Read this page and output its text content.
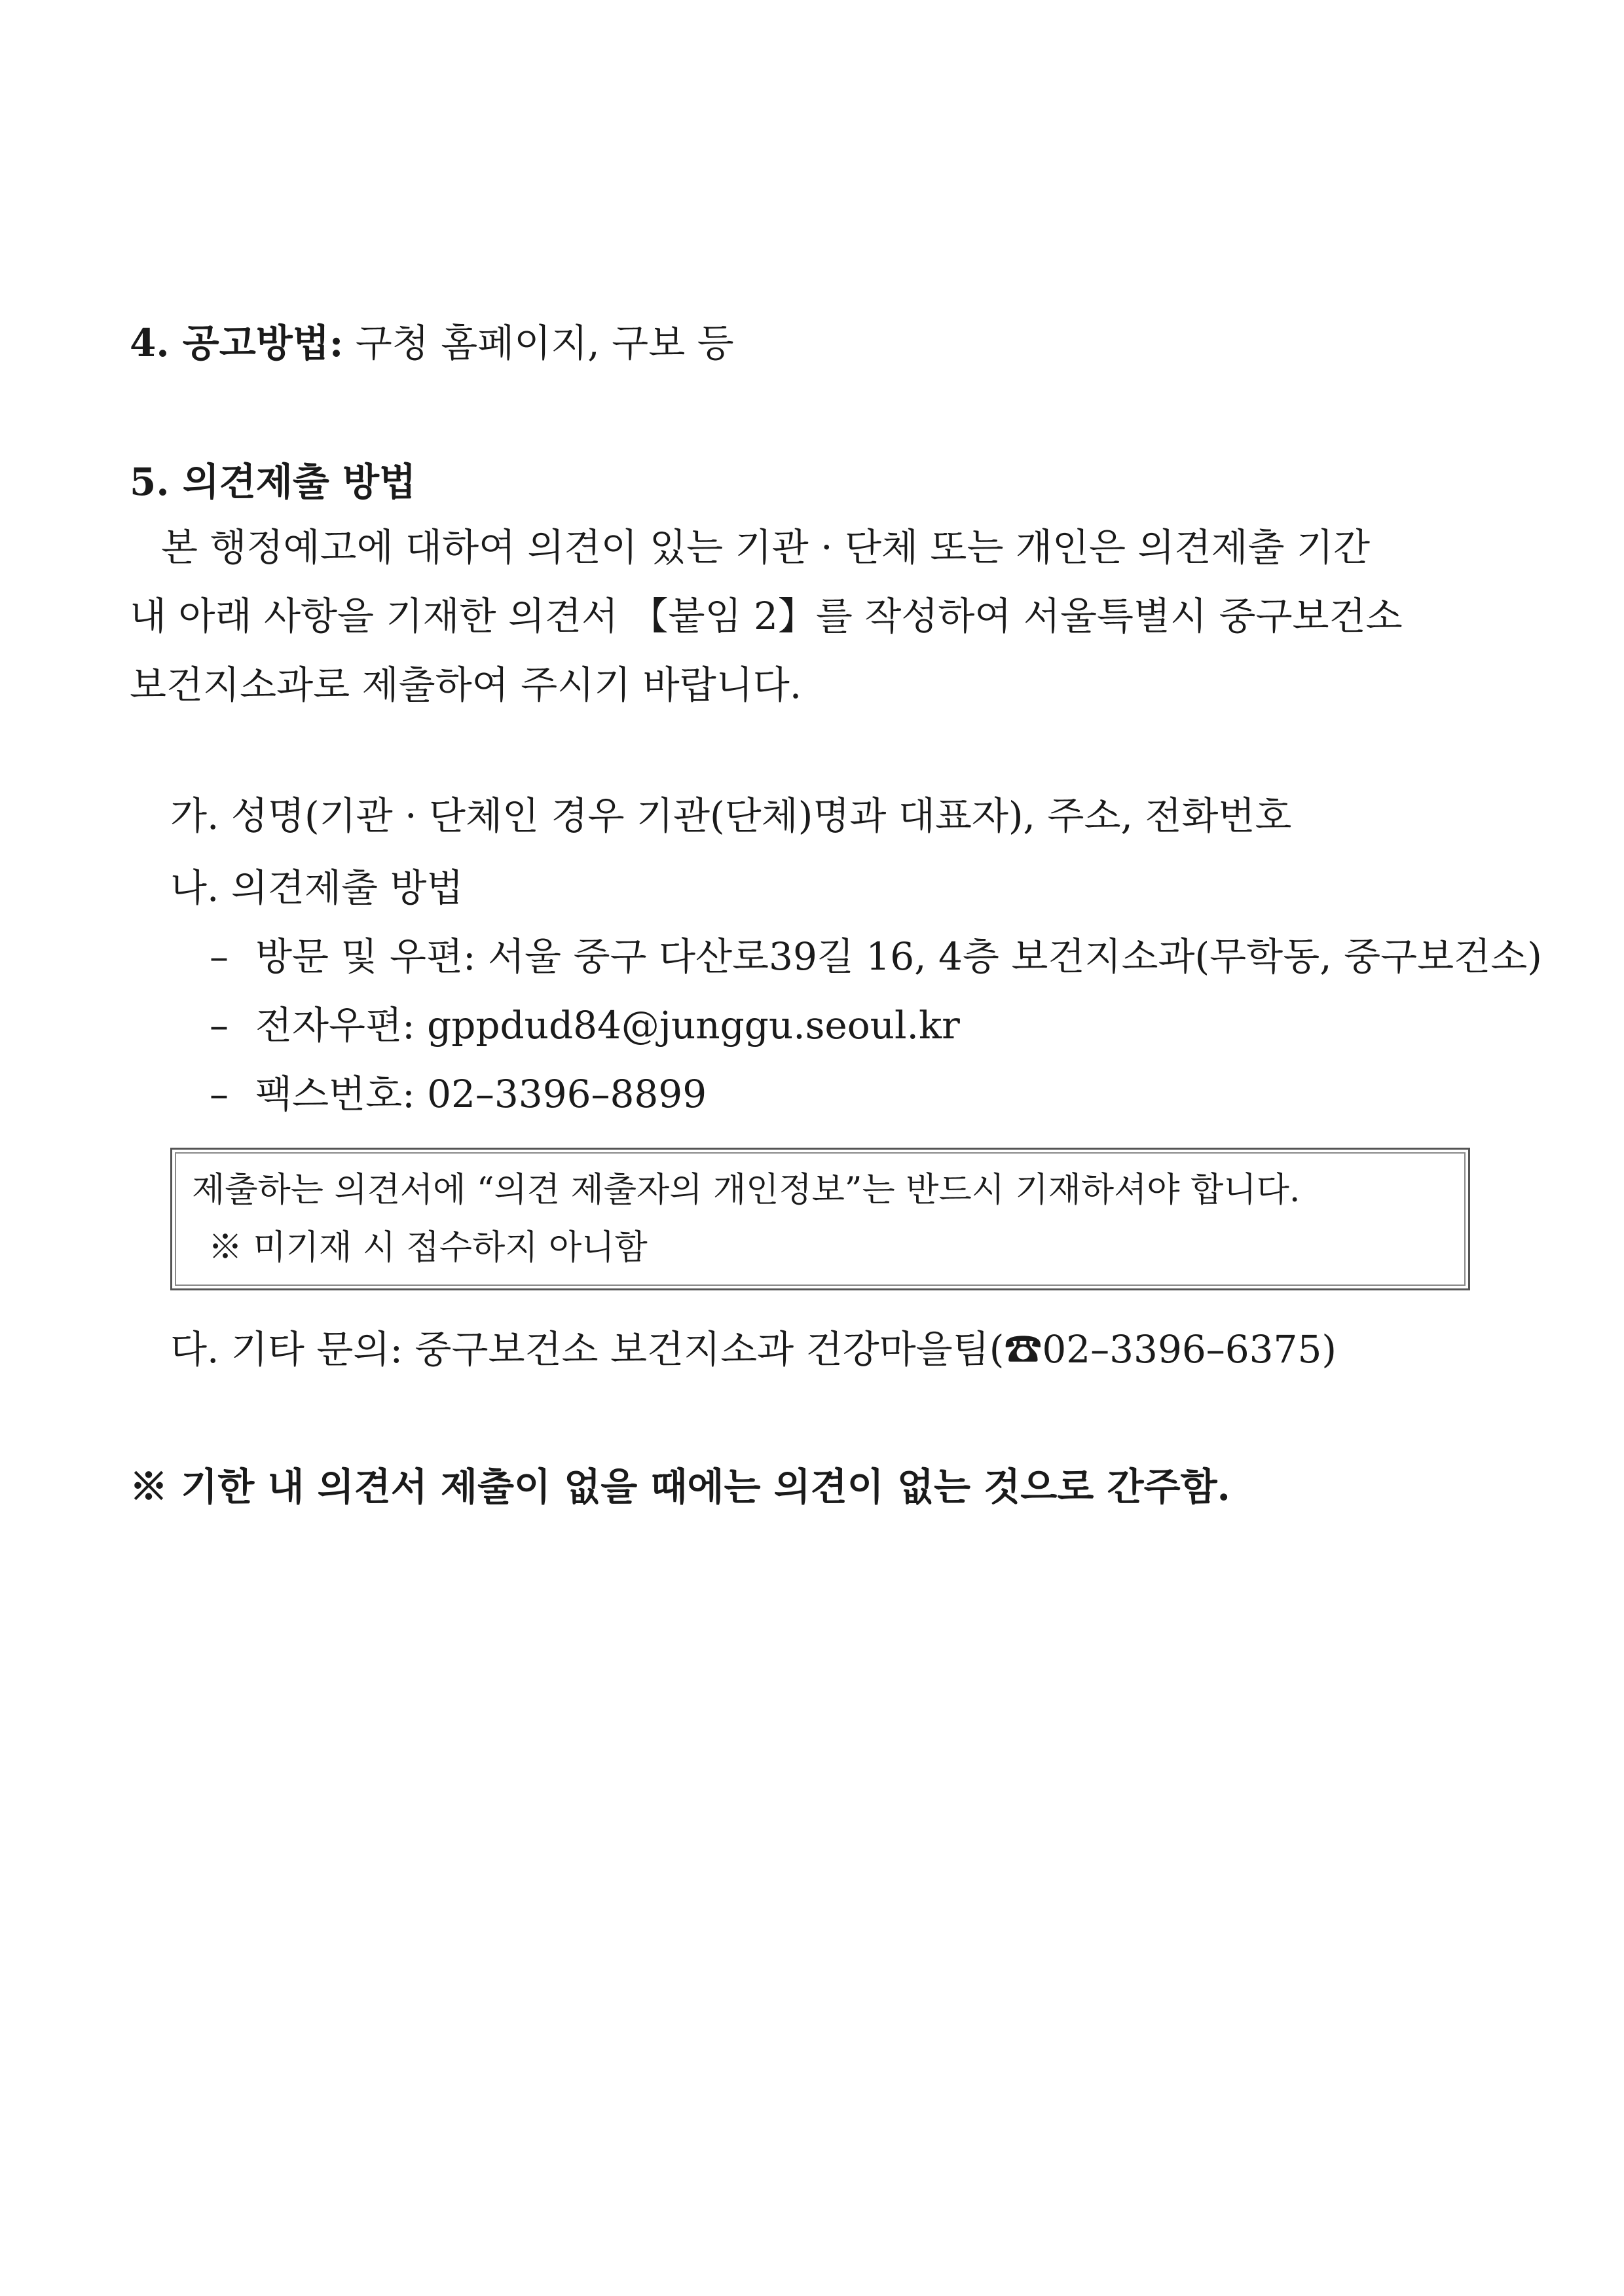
4. 공고방법: 구청 홈페이지, 구보 등
5. 의견제출 방법
본 행정예고에 대하여 의견이 있는 기관 · 단체 또는 개인은 의견제출 기간
내 아래 사항을 기재한 의견서 【붙임 2】를 작성하여 서울특별시 중구보건소
보건지소과로 제출하여 주시기 바랍니다.
가. 성명(기관 · 단체인 경우 기관(단체)명과 대표자), 주소, 전화번호
나. 의견제출 방법
– 방문 및 우편: 서울 중구 다산로39길 16, 4층 보건지소과(무학동, 중구보건소)
– 전자우편: gppdud84@junggu.seoul.kr
– 팩스번호: 02–3396–8899
제출하는 의견서에 “의견 제출자의 개인정보”는 반드시 기재하셔야 합니다.
※ 미기재 시 접수하지 아니함
다. 기타 문의: 중구보건소 보건지소과 건강마을팀(☎02–3396–6375)
※ 기한 내 의견서 제출이 없을 때에는 의견이 없는 것으로 간주함.
